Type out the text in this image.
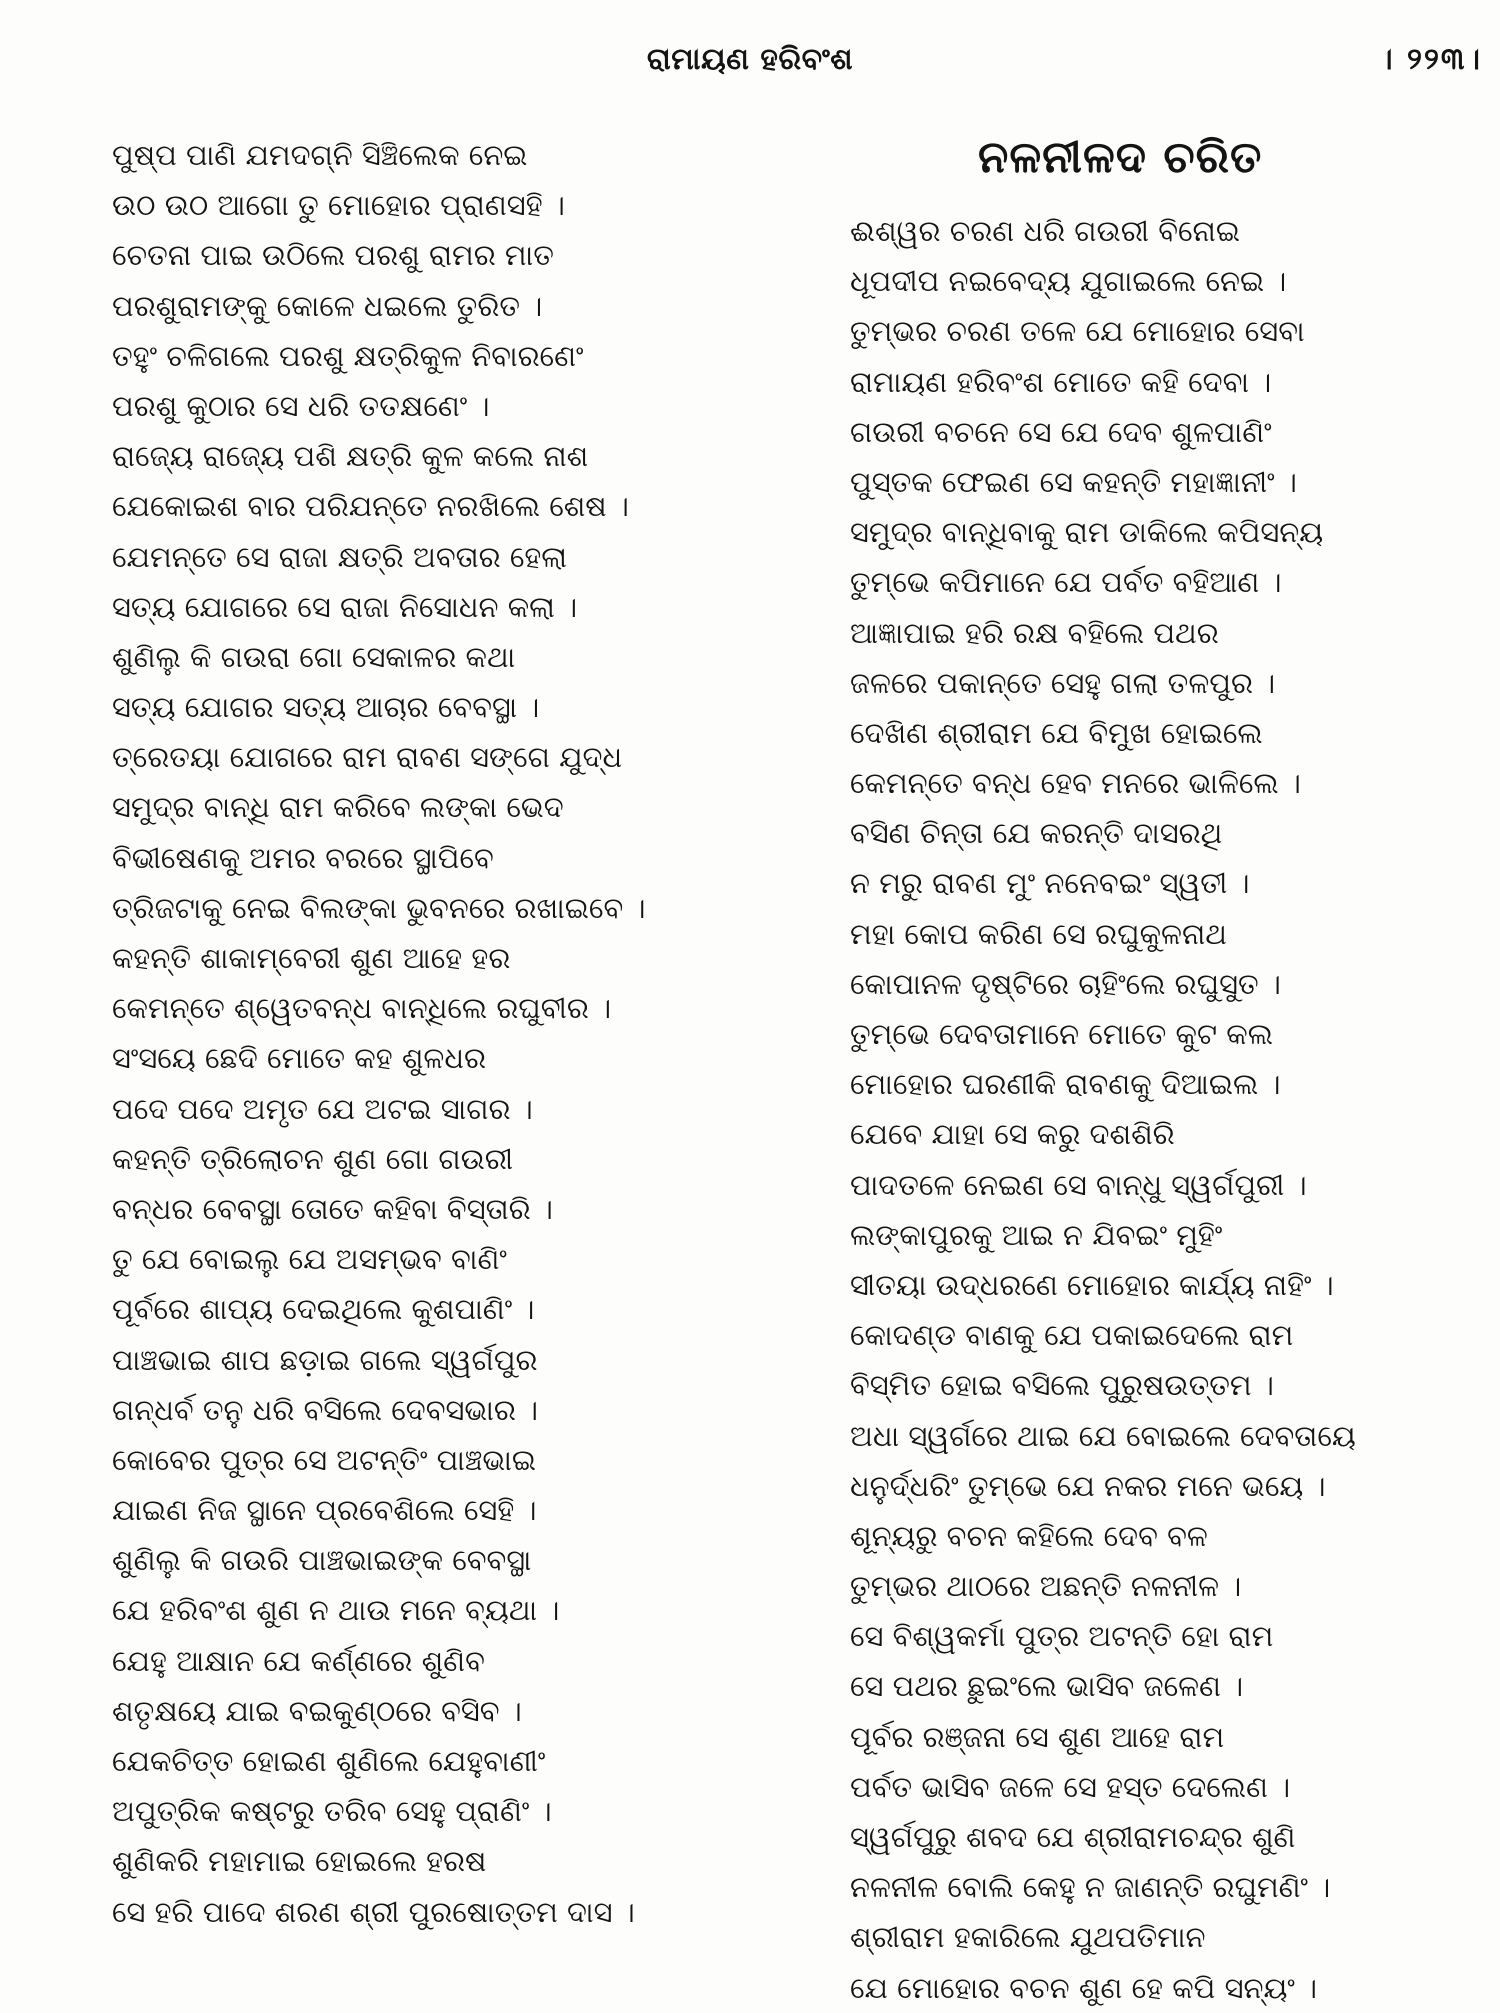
ରାମାୟଣ ହରିବଂଶ	। ୨୨୩।
ପୁଷ୍ପ ପାଣି ଯମଦଗ୍ନି ସିଞ୍ଚିଲେକ ନେଇ
ଉଠ ଉଠ ଆଗୋ ତୁ ମୋହୋର ପ୍ରାଣସହି ।
ଚେତନା ପାଇ ଉଠିଲେ ପରଶୁ ରାମର ମାତ
ପରଶୁରାମଙ୍କୁ କୋଳେ ଧଇଲେ ତୁରିତ ।
ତହୁଂ ଚଳିଗଲେ ପରଶୁ କ୍ଷତ୍ରିକୁଳ ନିବାରଣେଂ
ପରଶୁ କୁଠାର ସେ ଧରି ତତକ୍ଷଣେଂ ।
ରାଜ୍ୟେ ରାଜ୍ୟେ ପଶି କ୍ଷତ୍ରି କୁଳ କଲେ ନାଶ
ଯେକୋଇଶ ବାର ପରିଯନ୍ତେ ନରଖିଲେ ଶେଷ ।
ଯେମନ୍ତେ ସେ ରାଜା କ୍ଷତ୍ରି ଅବତାର ହେଲା
ସତ୍ୟ ଯୋଗରେ ସେ ରାଜା ନିସୋଧନ କଲା ।
ଶୁଣିଲୁ କି ଗଉରା ଗୋ ସେକାଳର କଥା
ସତ୍ୟ ଯୋଗର ସତ୍ୟ ଆଚାର ବେବସ୍ଥା ।
ତ୍ରେତୟା ଯୋଗରେ ରାମ ରାବଣ ସଙ୍ଗେ ଯୁଦ୍ଧ
ସମୁଦ୍ର ବାନ୍ଧି ରାମ କରିବେ ଲଙ୍କା ଭେଦ
ବିଭୀଷେଣକୁ ଅମର ବରରେ ସ୍ଥାପିବେ
ତ୍ରିଜଟାକୁ ନେଇ ବିଲଙ୍କା ଭୁବନରେ ରଖାଇବେ ।
କହନ୍ତି ଶାକାମ୍ବେରୀ ଶୁଣ ଆହେ ହର
କେମନ୍ତେ ଶ୍ୱେତବନ୍ଧ ବାନ୍ଧିଲେ ରଘୁବୀର ।
ସଂସୟେ ଛେଦି ମୋତେ କହ ଶୁଳଧର
ପଦେ ପଦେ ଅମୃତ ଯେ ଅଟଇ ସାଗର ।
କହନ୍ତି ତ୍ରିଲୋଚନ ଶୁଣ ଗୋ ଗଉରୀ
ବନ୍ଧର ବେବସ୍ଥା ତୋତେ କହିବା ବିସ୍ତାରି ।
ତୁ ଯେ ବୋଇଲୁ ଯେ ଅସମ୍ଭବ ବାଣିଂ
ପୂର୍ବରେ ଶାପ୍ୟ ଦେଇଥିଲେ କୁଶପାଣିଂ ।
ପାଞ୍ଚଭାଇ ଶାପ ଛଡ଼ାଇ ଗଲେ ସ୍ୱର୍ଗପୁର
ଗନ୍ଧର୍ବ ତନୁ ଧରି ବସିଲେ ଦେବସଭାର ।
କୋବେର ପୁତ୍ର ସେ ଅଟନ୍ତିଂ ପାଞ୍ଚଭାଇ
ଯାଇଣ ନିଜ ସ୍ଥାନେ ପ୍ରବେଶିଲେ ସେହି ।
ଶୁଣିଲୁ କି ଗଉରି ପାଞ୍ଚଭାଇଙ୍କ ବେବସ୍ଥା
ଯେ ହରିବଂଶ ଶୁଣ ନ ଥାଉ ମନେ ବ୍ୟଥା ।
ଯେହୁ ଆକ୍ଷାନ ଯେ କର୍ଣ୍ଣରେ ଶୁଣିବ
ଶତୃକ୍ଷୟେ ଯାଇ ବଇକୁଣ୍ଠରେ ବସିବ ।
ଯେକଚିତ୍ତ ହୋଇଣ ଶୁଣିଲେ ଯେହୁବାଣୀଂ
ଅପୁତ୍ରିକ କଷ୍ଟରୁ ତରିବ ସେହୁ ପ୍ରାଣିଂ ।
ଶୁଣିକରି ମହାମାଇ ହୋଇଲେ ହରଷ
ସେ ହରି ପାଦେ ଶରଣ ଶ୍ରୀ ପୁରଷୋତ୍ତମ ଦାସ ।
ନଳନୀଳଦ ଚରିତ
ଈଶ୍ୱର ଚରଣ ଧରି ଗଉରୀ ବିନୋଇ
ଧୂପଦୀପ ନଇବେଦ୍ୟ ଯୁଗାଇଲେ ନେଇ ।
ତୁମ୍ଭର ଚରଣ ତଳେ ଯେ ମୋହୋର ସେବା
ରାମାୟଣ ହରିବଂଶ ମୋତେ କହି ଦେବା ।
ଗଉରୀ ବଚନେ ସେ ଯେ ଦେବ ଶୁଳପାଣିଂ
ପୁସ୍ତକ ଫେଇଣ ସେ କହନ୍ତି ମହାଜ୍ଞାନୀଂ ।
ସମୁଦ୍ର ବାନ୍ଧିବାକୁ ରାମ ଡାକିଲେ କପିସନ୍ୟ
ତୁମ୍ଭେ କପିମାନେ ଯେ ପର୍ବତ ବହିଆଣ ।
ଆଜ୍ଞାପାଇ ହରି ରକ୍ଷ ବହିଲେ ପଥର
ଜଳରେ ପକାନ୍ତେ ସେହୁ ଗଲା ତଳପୁର ।
ଦେଖିଣ ଶ୍ରୀରାମ ଯେ ବିମୁଖ ହୋଇଲେ
କେମନ୍ତେ ବନ୍ଧ ହେବ ମନରେ ଭାଳିଲେ ।
ବସିଣ ଚିନ୍ତା ଯେ କରନ୍ତି ଦାସରଥି
ନ ମରୁ ରାବଣ ମୁଂ ନନେବଇଂ ସ୍ୱତୀ ।
ମହା କୋପ କରିଣ ସେ ରଘୁକୁଳନାଥ
କୋପାନଳ ଦୃଷ୍ଟିରେ ଚାହିଂଲେ ରଘୁସୁତ ।
ତୁମ୍ଭେ ଦେବତାମାନେ ମୋତେ କୁଟ କଲ
ମୋହୋର ଘରଣୀକି ରାବଣକୁ ଦିଆଇଲ ।
ଯେବେ ଯାହା ସେ କରୁ ଦଶଶିରି
ପାଦତଳେ ନେଇଣ ସେ ବାନ୍ଧୁ ସ୍ୱର୍ଗପୁରୀ ।
ଲଙ୍କାପୁରକୁ ଆଇ ନ ଯିବଇଂ ମୁହିଂ
ସୀତୟା ଉଦ୍ଧରଣେ ମୋହୋର କାର୍ଯ୍ୟ ନାହିଂ ।
କୋଦଣ୍ଡ ବାଣକୁ ଯେ ପକାଇଦେଲେ ରାମ
ବିସ୍ମିତ ହୋଇ ବସିଲେ ପୁରୁଷଉତ୍ତମ ।
ଅଧା ସ୍ୱର୍ଗରେ ଥାଇ ଯେ ବୋଇଲେ ଦେବତାୟେ
ଧନୁର୍ଦ୍ଧରିଂ ତୁମ୍ଭେ ଯେ ନକର ମନେ ଭୟେ ।
ଶୂନ୍ୟରୁ ବଚନ କହିଲେ ଦେବ ବଳ
ତୁମ୍ଭର ଥାଠରେ ଅଛନ୍ତି ନଳନୀଳ ।
ସେ ବିଶ୍ୱକର୍ମା ପୁତ୍ର ଅଟନ୍ତି ହୋ ରାମ
ସେ ପଥର ଛୁଇଂଲେ ଭାସିବ ଜଳେଣ ।
ପୂର୍ବର ରଞ୍ଜନା ସେ ଶୁଣ ଆହେ ରାମ
ପର୍ବତ ଭାସିବ ଜଳେ ସେ ହସ୍ତ ଦେଲେଣ ।
ସ୍ୱର୍ଗପୁରୁ ଶବଦ ଯେ ଶ୍ରୀରାମଚନ୍ଦ୍ର ଶୁଣି
ନଳନୀଳ ବୋଲି କେହୁ ନ ଜାଣନ୍ତି ରଘୁମଣିଂ ।
ଶ୍ରୀରାମ ହକାରିଲେ ଯୁଥପତିମାନ
ଯେ ମୋହୋର ବଚନ ଶୁଣ ହେ କପି ସନ୍ୟଂ ।
